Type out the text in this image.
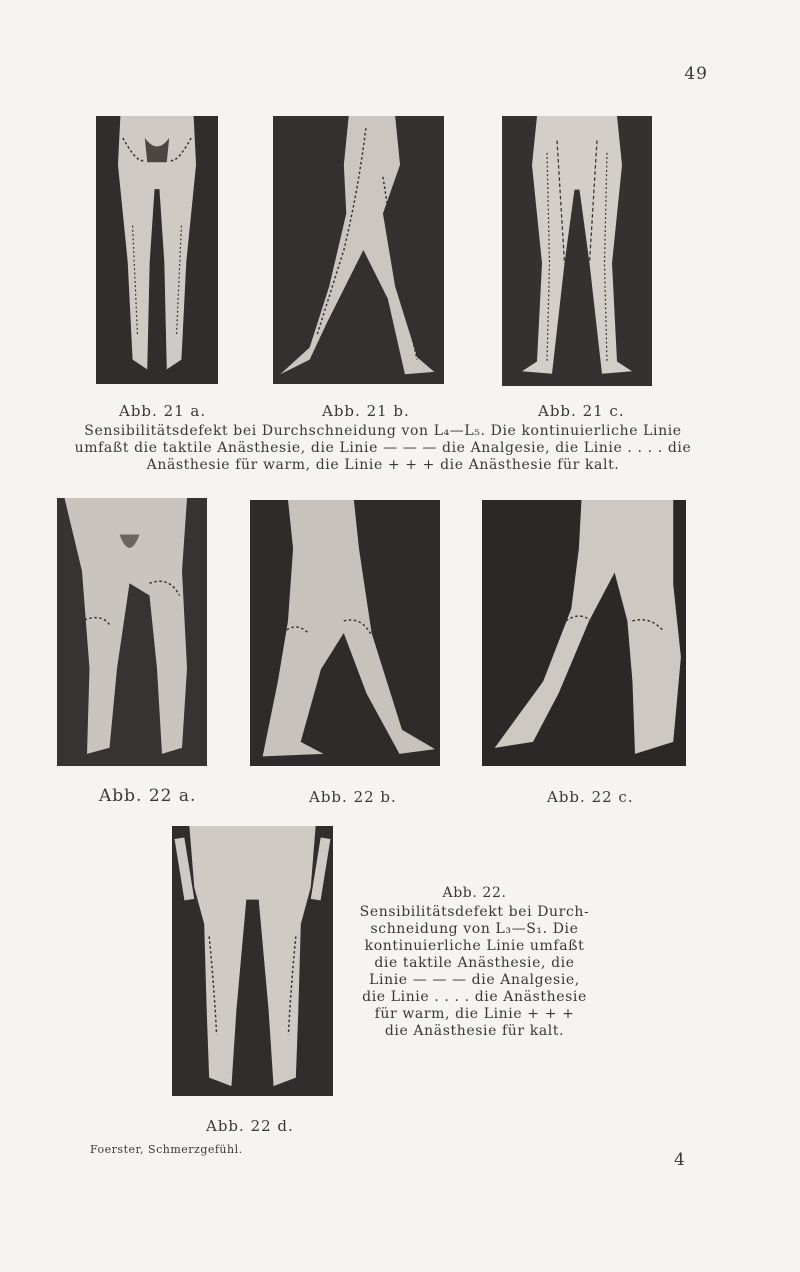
49
Abb. 21 a.	Abb. 21 b.	Abb. 21 c.
Sensibilitätsdefekt bei Durchschneidung von L₄—L₅. Die kontinuierliche Linie
umfaßt die taktile Anästhesie, die Linie — — — die Analgesie, die Linie . . . . die
Anästhesie für warm, die Linie + + + die Anästhesie für kalt.
Abb. 22 a.	Abb. 22 b.	Abb. 22 c.
Abb. 22.
Sensibilitätsdefekt bei Durch-
schneidung von L₃—S₁. Die
kontinuierliche Linie umfaßt
die taktile Anästhesie, die
Linie — — — die Analgesie,
die Linie . . . . die Anästhesie
für warm, die Linie + + +
die Anästhesie für kalt.
Abb. 22 d.
Foerster, Schmerzgefühl.
4
